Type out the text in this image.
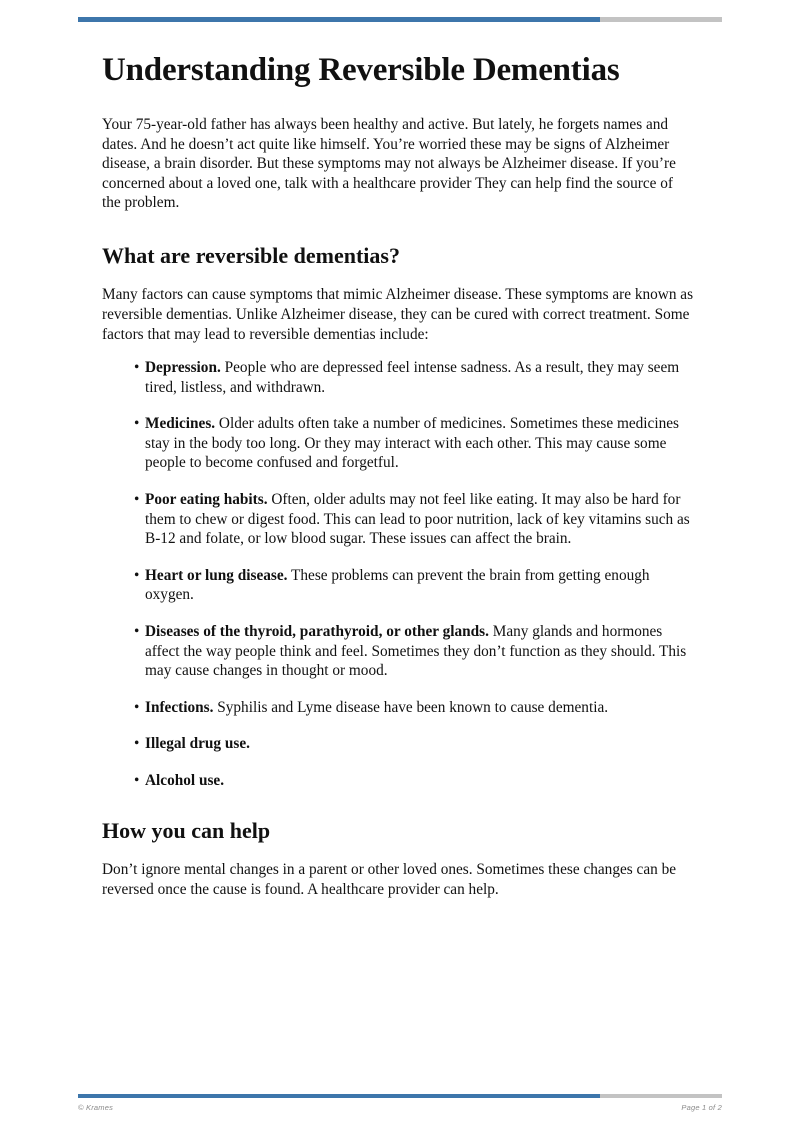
Understanding Reversible Dementias

Your 75-year-old father has always been healthy and active. But lately, he forgets names and dates. And he doesn’t act quite like himself. You’re worried these may be signs of Alzheimer disease, a brain disorder. But these symptoms may not always be Alzheimer disease. If you’re concerned about a loved one, talk with a healthcare provider They can help find the source of the problem.

What are reversible dementias?

Many factors can cause symptoms that mimic Alzheimer disease. These symptoms are known as reversible dementias. Unlike Alzheimer disease, they can be cured with correct treatment. Some factors that may lead to reversible dementias include:

• Depression. People who are depressed feel intense sadness. As a result, they may seem tired, listless, and withdrawn.
• Medicines. Older adults often take a number of medicines. Sometimes these medicines stay in the body too long. Or they may interact with each other. This may cause some people to become confused and forgetful.
• Poor eating habits. Often, older adults may not feel like eating. It may also be hard for them to chew or digest food. This can lead to poor nutrition, lack of key vitamins such as B-12 and folate, or low blood sugar. These issues can affect the brain.
• Heart or lung disease. These problems can prevent the brain from getting enough oxygen.
• Diseases of the thyroid, parathyroid, or other glands. Many glands and hormones affect the way people think and feel. Sometimes they don’t function as they should. This may cause changes in thought or mood.
• Infections. Syphilis and Lyme disease have been known to cause dementia.
• Illegal drug use.
• Alcohol use.
How you can help

Don’t ignore mental changes in a parent or other loved ones. Sometimes these changes can be reversed once the cause is found. A healthcare provider can help.

© Krames	Page 1 of 2
